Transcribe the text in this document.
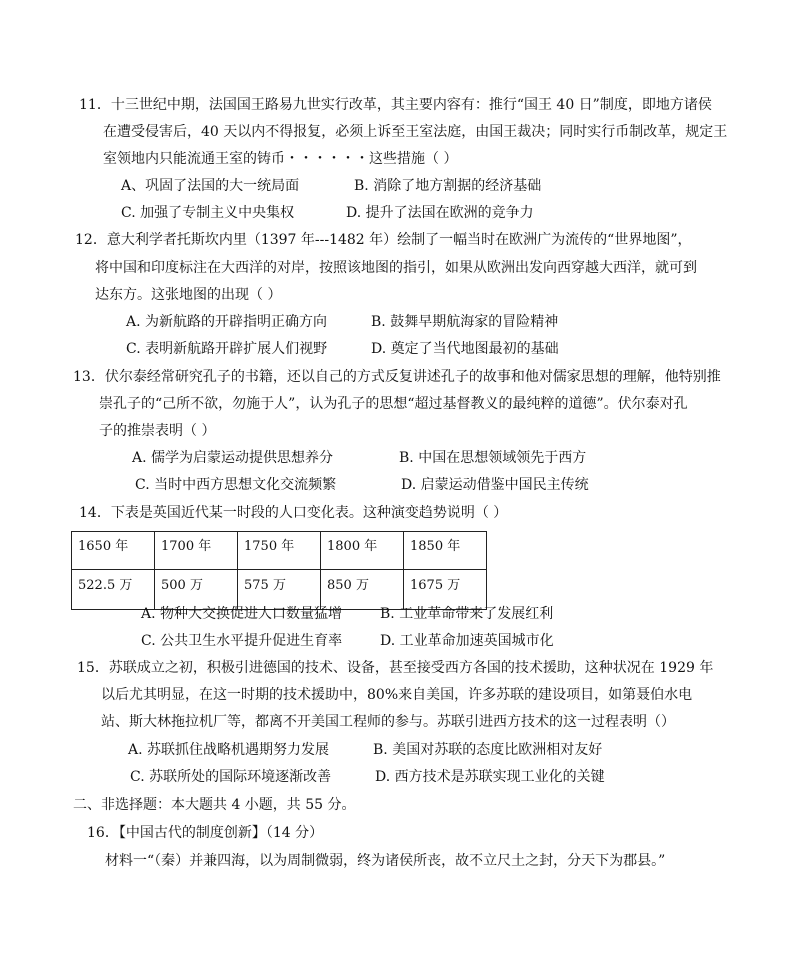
11．十三世纪中期，法国国王路易九世实行改革，其主要内容有：推行“国王 40 日”制度，即地方诸侯
在遭受侵害后，40 天以内不得报复，必须上诉至王室法庭，由国王裁决；同时实行币制改革，规定王
室领地内只能流通王室的铸币・・・・・・这些措施（ ）
A、巩固了法国的大一统局面	B. 消除了地方割据的经济基础
C. 加强了专制主义中央集权	D. 提升了法国在欧洲的竞争力
12．意大利学者托斯坎内里（1397 年---1482 年）绘制了一幅当时在欧洲广为流传的“世界地图”，
将中国和印度标注在大西洋的对岸，按照该地图的指引，如果从欧洲出发向西穿越大西洋，就可到
达东方。这张地图的出现（ ）
A. 为新航路的开辟指明正确方向	B. 鼓舞早期航海家的冒险精神
C. 表明新航路开辟扩展人们视野	D. 奠定了当代地图最初的基础
13．伏尔泰经常研究孔子的书籍，还以自己的方式反复讲述孔子的故事和他对儒家思想的理解，他特别推
崇孔子的“己所不欲，勿施于人”，认为孔子的思想“超过基督教义的最纯粹的道德”。伏尔泰对孔
子的推崇表明（ ）
A. 儒学为启蒙运动提供思想养分	B. 中国在思想领域领先于西方
C. 当时中西方思想文化交流频繁	D. 启蒙运动借鉴中国民主传统
14．下表是英国近代某一时段的人口变化表。这种演变趋势说明（ ）
1650 年	1700 年	1750 年	1800 年	1850 年
522.5 万	500 万	575 万	850 万	1675 万
A. 物种大交换促进人口数量猛增	B. 工业革命带来了发展红利
C. 公共卫生水平提升促进生育率	D. 工业革命加速英国城市化
15．苏联成立之初，积极引进德国的技术、设备，甚至接受西方各国的技术援助，这种状况在 1929 年
以后尤其明显，在这一时期的技术援助中，80%来自美国，许多苏联的建设项目，如第聂伯水电
站、斯大林拖拉机厂等，都离不开美国工程师的参与。苏联引进西方技术的这一过程表明（）
A. 苏联抓住战略机遇期努力发展	B. 美国对苏联的态度比欧洲相对友好
C. 苏联所处的国际环境逐渐改善	D. 西方技术是苏联实现工业化的关键
二、非选择题：本大题共 4 小题，共 55 分。
16．【中国古代的制度创新】（14 分）
材料一“（秦）并兼四海，以为周制微弱，终为诸侯所丧，故不立尺土之封，分天下为郡县。”
